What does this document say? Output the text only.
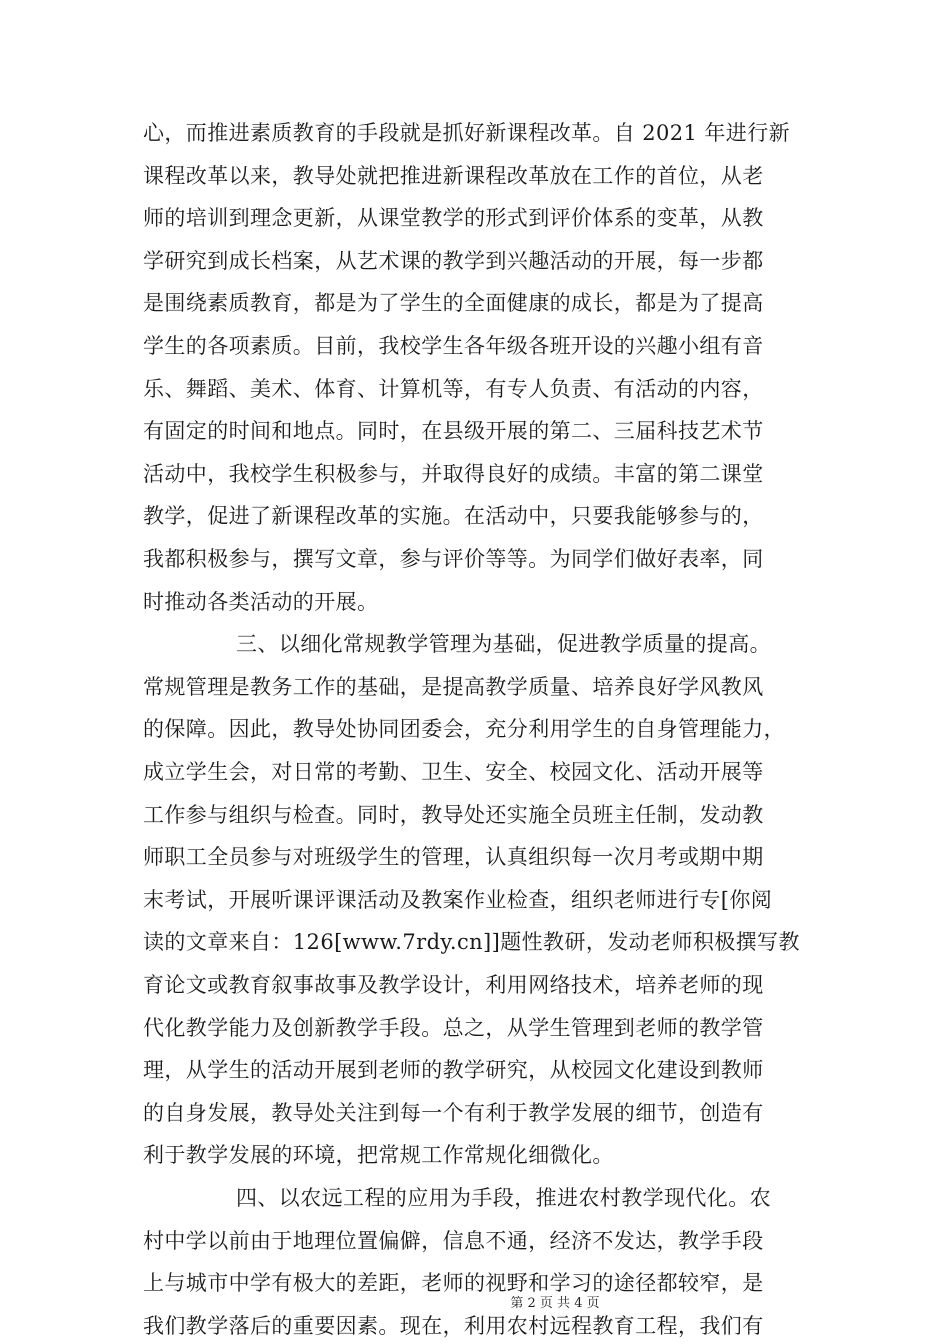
心，而推进素质教育的手段就是抓好新课程改革。自 2021 年进行新
课程改革以来，教导处就把推进新课程改革放在工作的首位，从老
师的培训到理念更新，从课堂教学的形式到评价体系的变革，从教
学研究到成长档案，从艺术课的教学到兴趣活动的开展，每一步都
是围绕素质教育，都是为了学生的全面健康的成长，都是为了提高
学生的各项素质。目前，我校学生各年级各班开设的兴趣小组有音
乐、舞蹈、美术、体育、计算机等，有专人负责、有活动的内容，
有固定的时间和地点。同时，在县级开展的第二、三届科技艺术节
活动中，我校学生积极参与，并取得良好的成绩。丰富的第二课堂
教学，促进了新课程改革的实施。在活动中，只要我能够参与的，
我都积极参与，撰写文章，参与评价等等。为同学们做好表率，同
时推动各类活动的开展。
三、以细化常规教学管理为基础，促进教学质量的提高。
常规管理是教务工作的基础，是提高教学质量、培养良好学风教风
的保障。因此，教导处协同团委会，充分利用学生的自身管理能力，
成立学生会，对日常的考勤、卫生、安全、校园文化、活动开展等
工作参与组织与检查。同时，教导处还实施全员班主任制，发动教
师职工全员参与对班级学生的管理，认真组织每一次月考或期中期
末考试，开展听课评课活动及教案作业检查，组织老师进行专[你阅
读的文章来自：126[www.7rdy.cn]]题性教研，发动老师积极撰写教
育论文或教育叙事故事及教学设计，利用网络技术，培养老师的现
代化教学能力及创新教学手段。总之，从学生管理到老师的教学管
理，从学生的活动开展到老师的教学研究，从校园文化建设到教师
的自身发展，教导处关注到每一个有利于教学发展的细节，创造有
利于教学发展的环境，把常规工作常规化细微化。
四、以农远工程的应用为手段，推进农村教学现代化。农
村中学以前由于地理位置偏僻，信息不通，经济不发达，教学手段
上与城市中学有极大的差距，老师的视野和学习的途径都较窄，是
我们教学落后的重要因素。现在，利用农村远程教育工程，我们有
第 2 页 共 4 页
